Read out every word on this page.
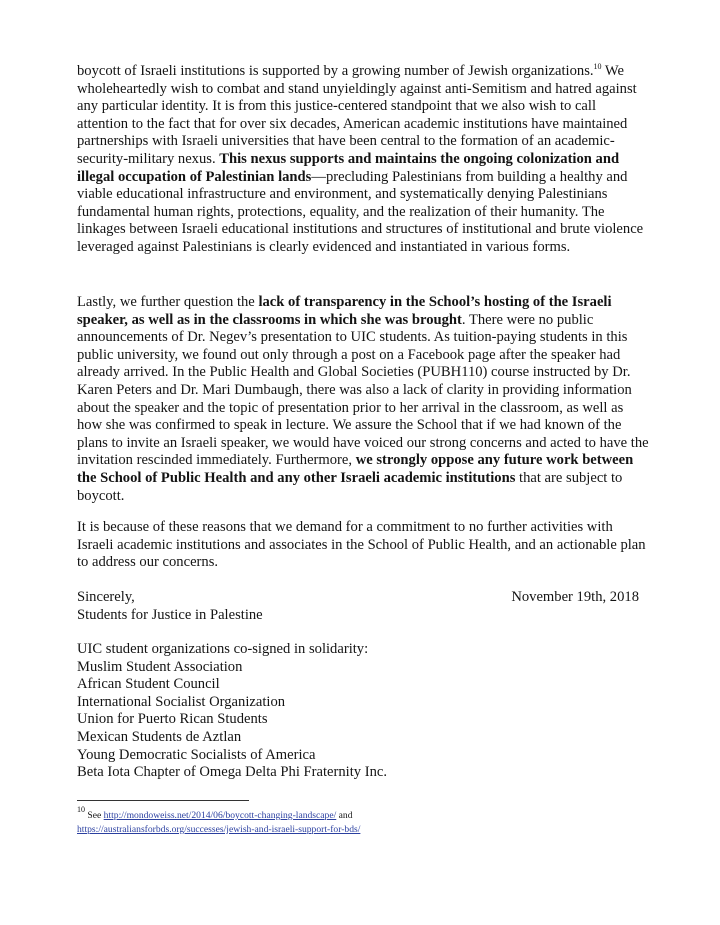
boycott of Israeli institutions is supported by a growing number of Jewish organizations.$^{10}$ We wholeheartedly wish to combat and stand unyieldingly against anti-Semitism and hatred against any particular identity. It is from this justice-centered standpoint that we also wish to call attention to the fact that for over six decades, American academic institutions have maintained partnerships with Israeli universities that have been central to the formation of an academic-security-military nexus. This nexus supports and maintains the ongoing colonization and illegal occupation of Palestinian lands—precluding Palestinians from building a healthy and viable educational infrastructure and environment, and systematically denying Palestinians fundamental human rights, protections, equality, and the realization of their humanity. The linkages between Israeli educational institutions and structures of institutional and brute violence leveraged against Palestinians is clearly evidenced and instantiated in various forms.

Lastly, we further question the lack of transparency in the School’s hosting of the Israeli speaker, as well as in the classrooms in which she was brought. There were no public announcements of Dr. Negev’s presentation to UIC students. As tuition-paying students in this public university, we found out only through a post on a Facebook page after the speaker had already arrived. In the Public Health and Global Societies (PUBH110) course instructed by Dr. Karen Peters and Dr. Mari Dumbaugh, there was also a lack of clarity in providing information about the speaker and the topic of presentation prior to her arrival in the classroom, as well as how she was confirmed to speak in lecture. We assure the School that if we had known of the plans to invite an Israeli speaker, we would have voiced our strong concerns and acted to have the invitation rescinded immediately. Furthermore, we strongly oppose any future work between the School of Public Health and any other Israeli academic institutions that are subject to boycott.

It is because of these reasons that we demand for a commitment to no further activities with Israeli academic institutions and associates in the School of Public Health, and an actionable plan to address our concerns.

Sincerely,
Students for Justice in Palestine
November 19th, 2018
UIC student organizations co-signed in solidarity:
Muslim Student Association
African Student Council
International Socialist Organization
Union for Puerto Rican Students
Mexican Students de Aztlan
Young Democratic Socialists of America
Beta Iota Chapter of Omega Delta Phi Fraternity Inc.
$^{10}$ See http://mondoweiss.net/2014/06/boycott-changing-landscape/ and
https://australiansforbds.org/successes/jewish-and-israeli-support-for-bds/
